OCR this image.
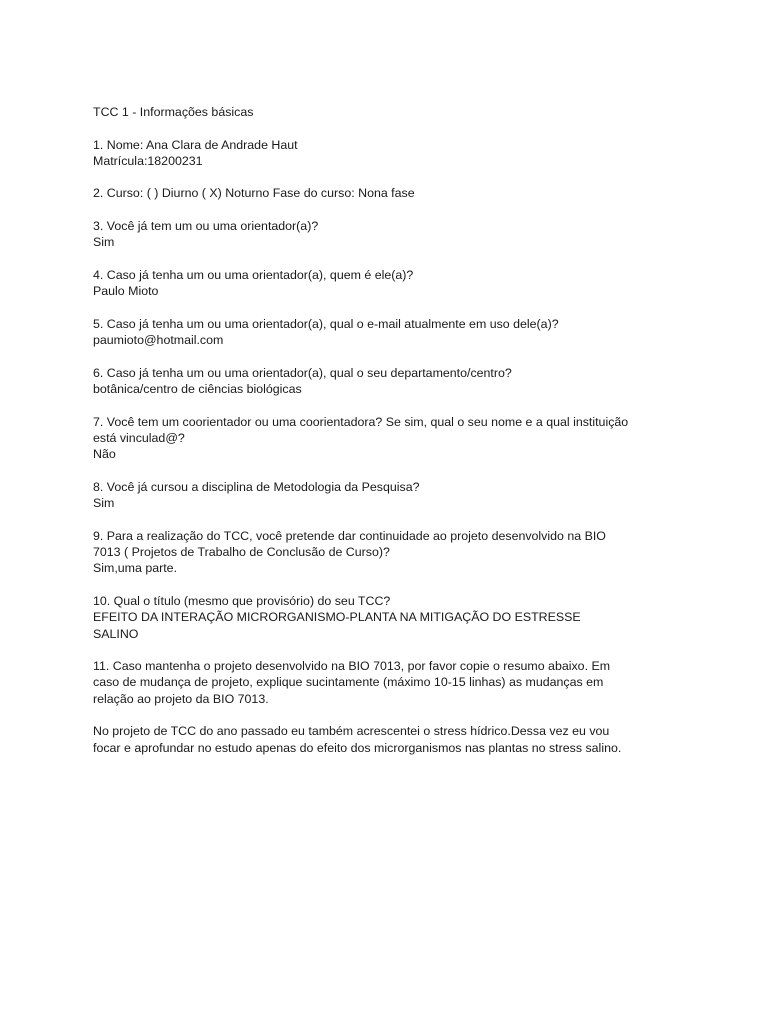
TCC 1 - Informações básicas
1. Nome: Ana Clara de Andrade Haut
Matrícula:18200231
2. Curso: ( ) Diurno ( X) Noturno Fase do curso: Nona fase
3. Você já tem um ou uma orientador(a)?
Sim
4. Caso já tenha um ou uma orientador(a), quem é ele(a)?
Paulo Mioto
5. Caso já tenha um ou uma orientador(a), qual o e-mail atualmente em uso dele(a)?
paumioto@hotmail.com
6. Caso já tenha um ou uma orientador(a), qual o seu departamento/centro?
botânica/centro de ciências biológicas
7. Você tem um coorientador ou uma coorientadora? Se sim, qual o seu nome e a qual instituição
está vinculad@?
Não
8. Você já cursou a disciplina de Metodologia da Pesquisa?
Sim
9. Para a realização do TCC, você pretende dar continuidade ao projeto desenvolvido na BIO
7013 ( Projetos de Trabalho de Conclusão de Curso)?
Sim,uma parte.
10. Qual o título (mesmo que provisório) do seu TCC?
EFEITO DA INTERAÇÃO MICRORGANISMO-PLANTA NA MITIGAÇÃO DO ESTRESSE
SALINO
11. Caso mantenha o projeto desenvolvido na BIO 7013, por favor copie o resumo abaixo. Em
caso de mudança de projeto, explique sucintamente (máximo 10-15 linhas) as mudanças em
relação ao projeto da BIO 7013.
No projeto de TCC do ano passado eu também acrescentei o stress hídrico.Dessa vez eu vou
focar e aprofundar no estudo apenas do efeito dos microrganismos nas plantas no stress salino.
